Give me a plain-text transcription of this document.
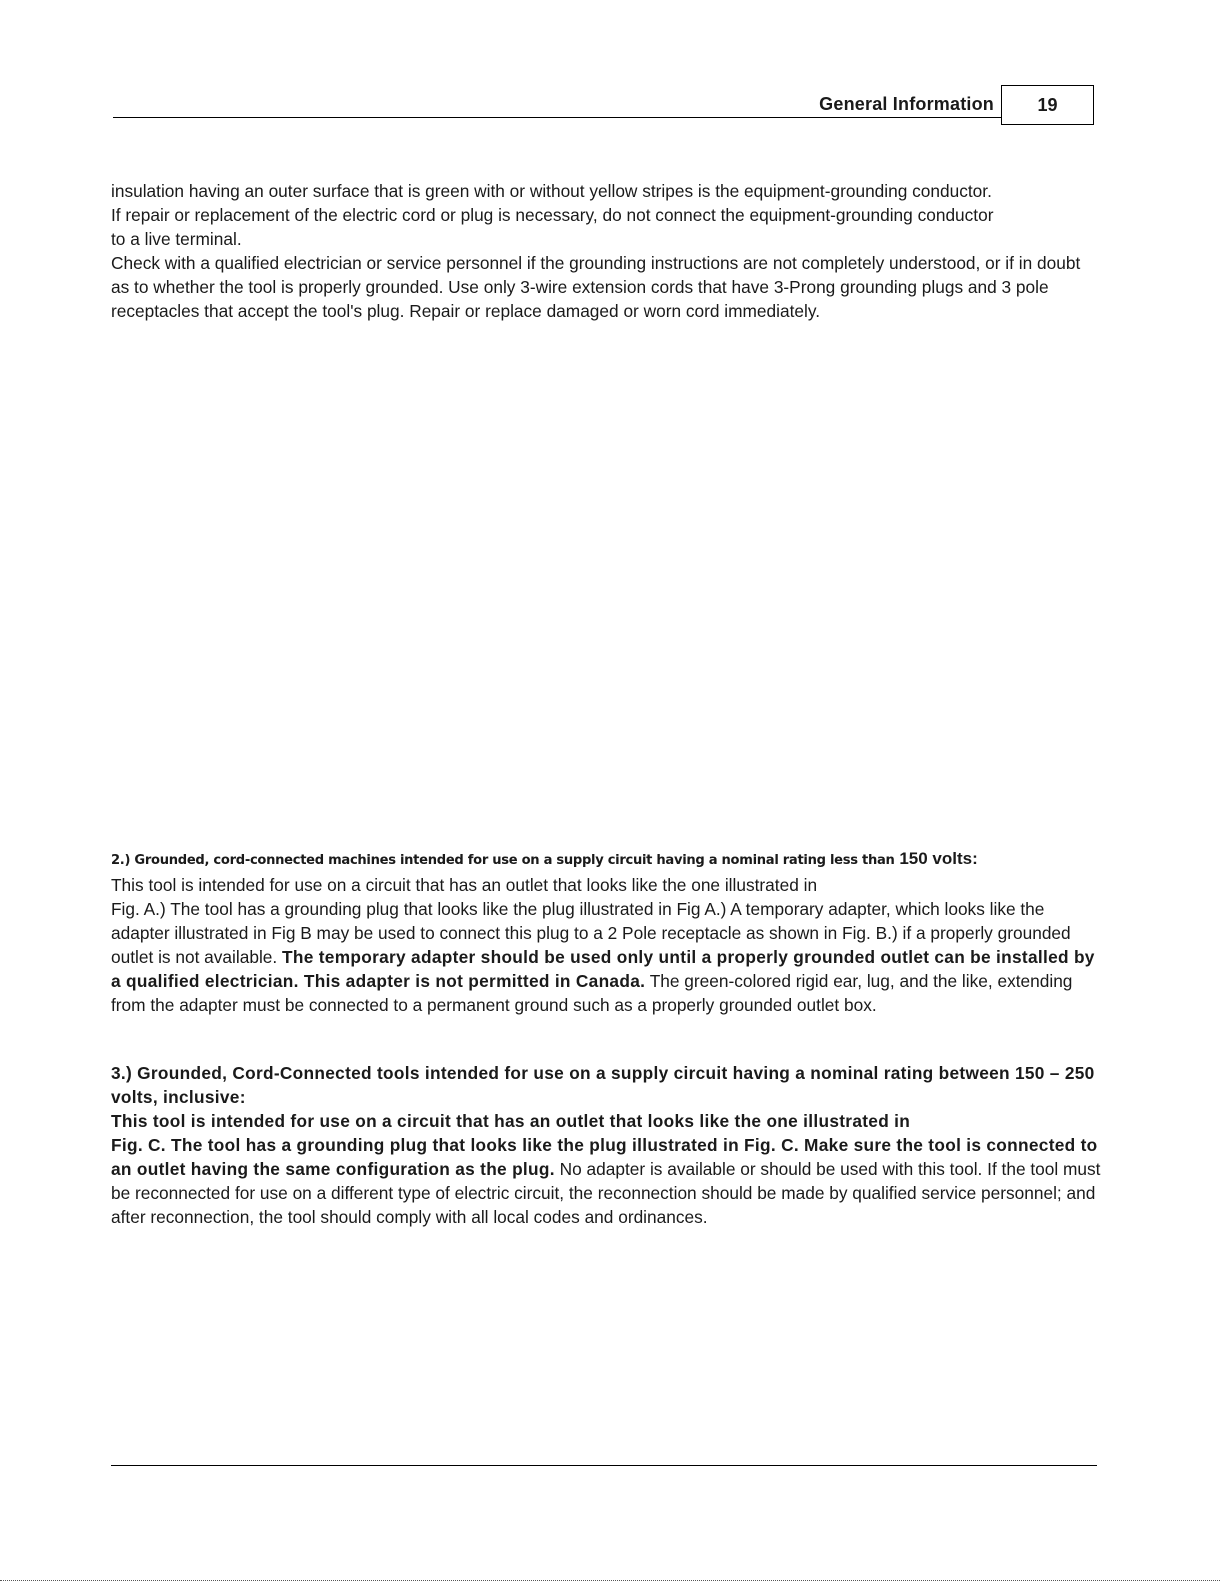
General Information	19

insulation having an outer surface that is green with or without yellow stripes is the equipment-grounding conductor.

If repair or replacement of the electric cord or plug is necessary, do not connect the equipment-grounding conductor

to a live terminal.

Check with a qualified electrician or service personnel if the grounding instructions are not completely understood, or if in doubt as to whether the tool is properly grounded. Use only 3-wire extension cords that have 3-Prong grounding plugs and 3 pole receptacles that accept the tool's plug. Repair or replace damaged or worn cord immediately.

2.) Grounded, cord-connected machines intended for use on a supply circuit having a nominal rating less than 150 volts:

This tool is intended for use on a circuit that has an outlet that looks like the one illustrated in

Fig. A.) The tool has a grounding plug that looks like the plug illustrated in Fig A.) A temporary adapter, which looks like the adapter illustrated in Fig B may be used to connect this plug to a 2 Pole receptacle as shown in Fig. B.) if a properly grounded outlet is not available. The temporary adapter should be used only until a properly grounded outlet can be installed by a qualified electrician. This adapter is not permitted in Canada. The green-colored rigid ear, lug, and the like, extending from the adapter must be connected to a permanent ground such as a properly grounded outlet box.

3.) Grounded, Cord-Connected tools intended for use on a supply circuit having a nominal rating between 150 – 250 volts, inclusive:

This tool is intended for use on a circuit that has an outlet that looks like the one illustrated in

Fig. C. The tool has a grounding plug that looks like the plug illustrated in Fig. C. Make sure the tool is connected to an outlet having the same configuration as the plug. No adapter is available or should be used with this tool. If the tool must be reconnected for use on a different type of electric circuit, the reconnection should be made by qualified service personnel; and after reconnection, the tool should comply with all local codes and ordinances.
